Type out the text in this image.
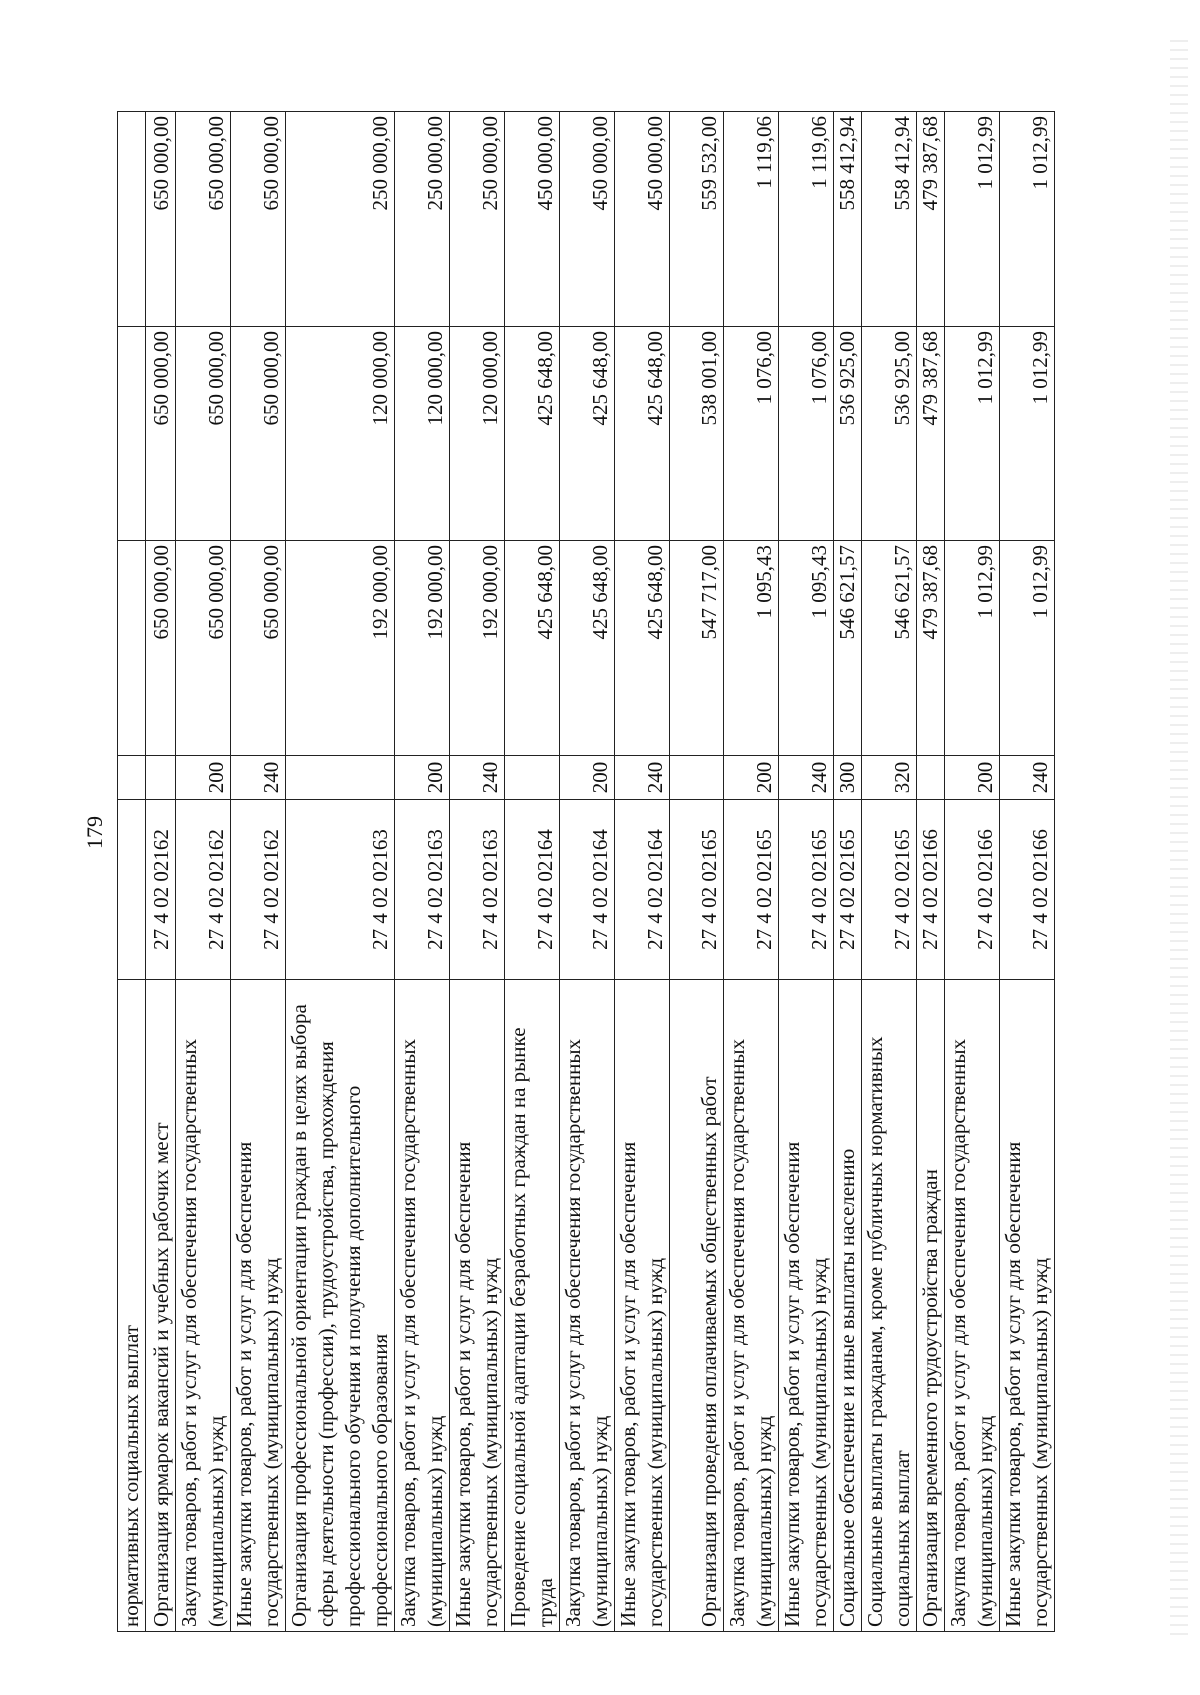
179
нормативных социальных выплат					
Организация ярмарок вакансий и учебных рабочих мест	27 4 02 02162		650 000,00	650 000,00	650 000,00
Закупка товаров, работ и услуг для обеспечения государственных (муниципальных) нужд	27 4 02 02162	200	650 000,00	650 000,00	650 000,00
Иные закупки товаров, работ и услуг для обеспечения государственных (муниципальных) нужд	27 4 02 02162	240	650 000,00	650 000,00	650 000,00
Организация профессиональной ориентации граждан в целях выбора сферы деятельности (профессии), трудоустройства, прохождения профессионального обучения и получения дополнительного профессионального образования	27 4 02 02163		192 000,00	120 000,00	250 000,00
Закупка товаров, работ и услуг для обеспечения государственных (муниципальных) нужд	27 4 02 02163	200	192 000,00	120 000,00	250 000,00
Иные закупки товаров, работ и услуг для обеспечения государственных (муниципальных) нужд	27 4 02 02163	240	192 000,00	120 000,00	250 000,00
Проведение социальной адаптации безработных граждан на рынке труда	27 4 02 02164		425 648,00	425 648,00	450 000,00
Закупка товаров, работ и услуг для обеспечения государственных (муниципальных) нужд	27 4 02 02164	200	425 648,00	425 648,00	450 000,00
Иные закупки товаров, работ и услуг для обеспечения государственных (муниципальных) нужд	27 4 02 02164	240	425 648,00	425 648,00	450 000,00
Организация проведения оплачиваемых общественных работ	27 4 02 02165		547 717,00	538 001,00	559 532,00
Закупка товаров, работ и услуг для обеспечения государственных (муниципальных) нужд	27 4 02 02165	200	1 095,43	1 076,00	1 119,06
Иные закупки товаров, работ и услуг для обеспечения государственных (муниципальных) нужд	27 4 02 02165	240	1 095,43	1 076,00	1 119,06
Социальное обеспечение и иные выплаты населению	27 4 02 02165	300	546 621,57	536 925,00	558 412,94
Социальные выплаты гражданам, кроме публичных нормативных социальных выплат	27 4 02 02165	320	546 621,57	536 925,00	558 412,94
Организация временного трудоустройства граждан	27 4 02 02166		479 387,68	479 387,68	479 387,68
Закупка товаров, работ и услуг для обеспечения государственных (муниципальных) нужд	27 4 02 02166	200	1 012,99	1 012,99	1 012,99
Иные закупки товаров, работ и услуг для обеспечения государственных (муниципальных) нужд	27 4 02 02166	240	1 012,99	1 012,99	1 012,99
